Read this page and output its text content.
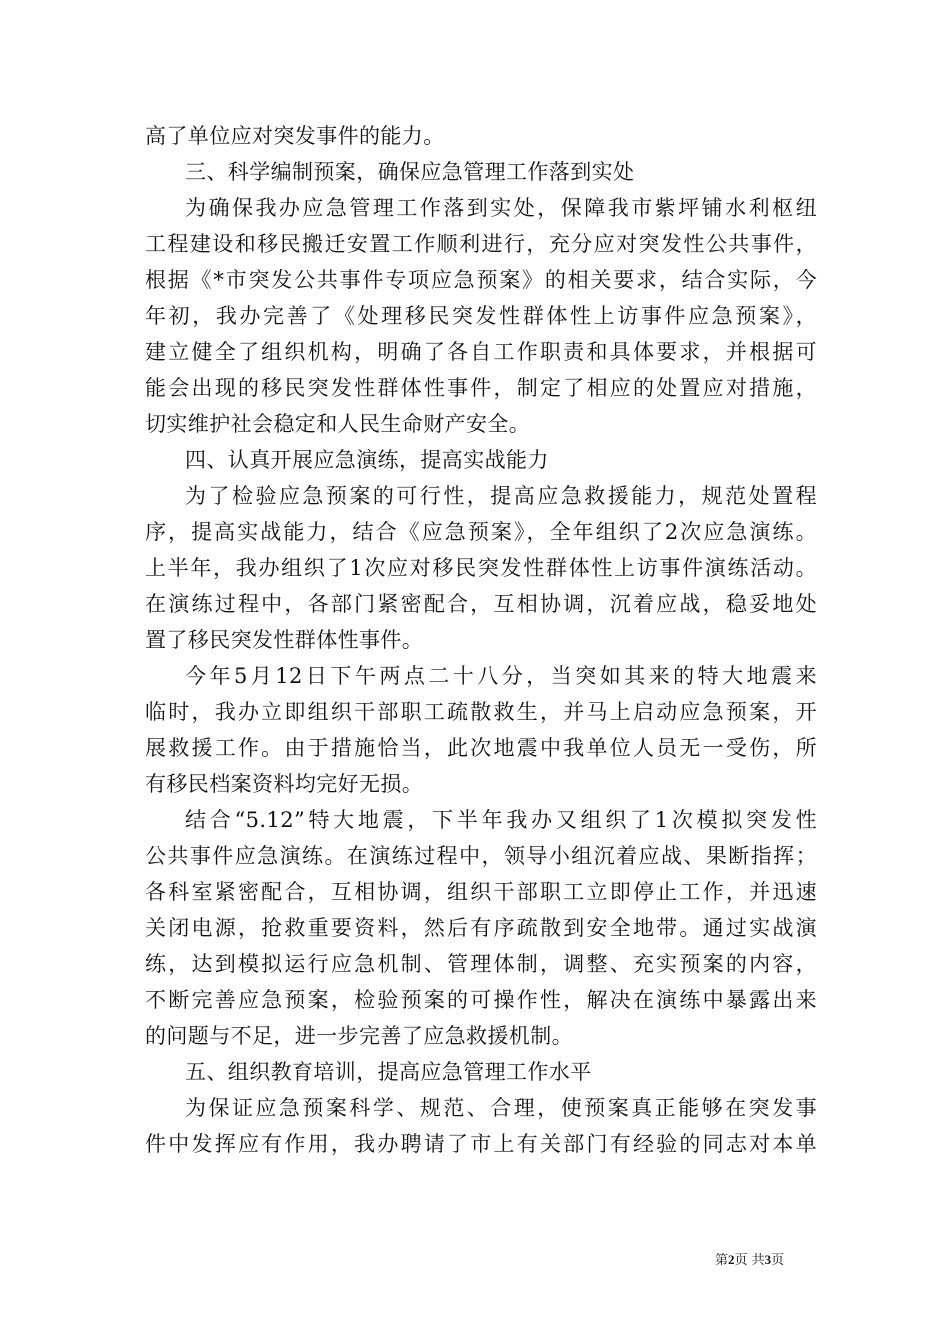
高了单位应对突发事件的能力。
三、科学编制预案，确保应急管理工作落到实处
为确保我办应急管理工作落到实处，保障我市紫坪铺水利枢纽
工程建设和移民搬迁安置工作顺利进行，充分应对突发性公共事件，
根据《*市突发公共事件专项应急预案》的相关要求，结合实际，今
年初，我办完善了《处理移民突发性群体性上访事件应急预案》，
建立健全了组织机构，明确了各自工作职责和具体要求，并根据可
能会出现的移民突发性群体性事件，制定了相应的处置应对措施，
切实维护社会稳定和人民生命财产安全。
四、认真开展应急演练，提高实战能力
为了检验应急预案的可行性，提高应急救援能力，规范处置程
序，提高实战能力，结合《应急预案》，全年组织了2次应急演练。
上半年，我办组织了1次应对移民突发性群体性上访事件演练活动。
在演练过程中，各部门紧密配合，互相协调，沉着应战，稳妥地处
置了移民突发性群体性事件。
今年5月12日下午两点二十八分，当突如其来的特大地震来
临时，我办立即组织干部职工疏散救生，并马上启动应急预案，开
展救援工作。由于措施恰当，此次地震中我单位人员无一受伤，所
有移民档案资料均完好无损。
结合“5.12”特大地震，下半年我办又组织了1次模拟突发性
公共事件应急演练。在演练过程中，领导小组沉着应战、果断指挥；
各科室紧密配合，互相协调，组织干部职工立即停止工作，并迅速
关闭电源，抢救重要资料，然后有序疏散到安全地带。通过实战演
练，达到模拟运行应急机制、管理体制，调整、充实预案的内容，
不断完善应急预案，检验预案的可操作性，解决在演练中暴露出来
的问题与不足，进一步完善了应急救援机制。
五、组织教育培训，提高应急管理工作水平
为保证应急预案科学、规范、合理，使预案真正能够在突发事
件中发挥应有作用，我办聘请了市上有关部门有经验的同志对本单
第2页 共3页
